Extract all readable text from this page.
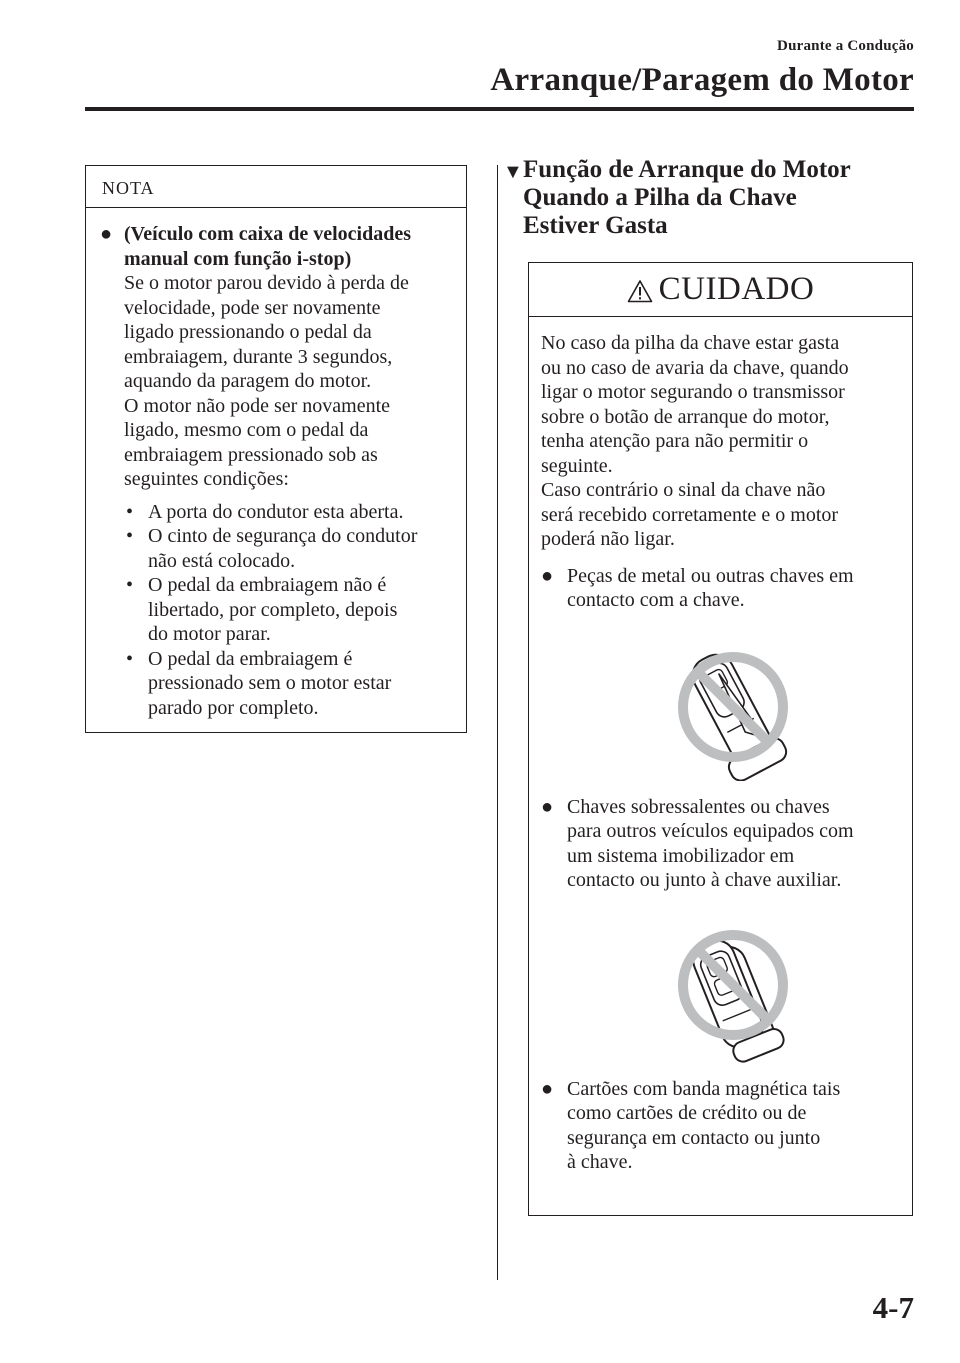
Durante a Condução
Arranque/Paragem do Motor
NOTA
● (Veículo com caixa de velocidades
manual com função i-stop)
Se o motor parou devido à perda de
velocidade, pode ser novamente
ligado pressionando o pedal da
embraiagem, durante 3 segundos,
aquando da paragem do motor.
O motor não pode ser novamente
ligado, mesmo com o pedal da
embraiagem pressionado sob as
seguintes condições:
• A porta do condutor esta aberta.
• O cinto de segurança do condutor
não está colocado.
• O pedal da embraiagem não é
libertado, por completo, depois
do motor parar.
• O pedal da embraiagem é
pressionado sem o motor estar
parado por completo.
▼ Função de Arranque do Motor
Quando a Pilha da Chave
Estiver Gasta
CUIDADO
No caso da pilha da chave estar gasta
ou no caso de avaria da chave, quando
ligar o motor segurando o transmissor
sobre o botão de arranque do motor,
tenha atenção para não permitir o
seguinte.
Caso contrário o sinal da chave não
será recebido corretamente e o motor
poderá não ligar.
● Peças de metal ou outras chaves em
contacto com a chave.
● Chaves sobressalentes ou chaves
para outros veículos equipados com
um sistema imobilizador em
contacto ou junto à chave auxiliar.
● Cartões com banda magnética tais
como cartões de crédito ou de
segurança em contacto ou junto
à chave.
4-7
